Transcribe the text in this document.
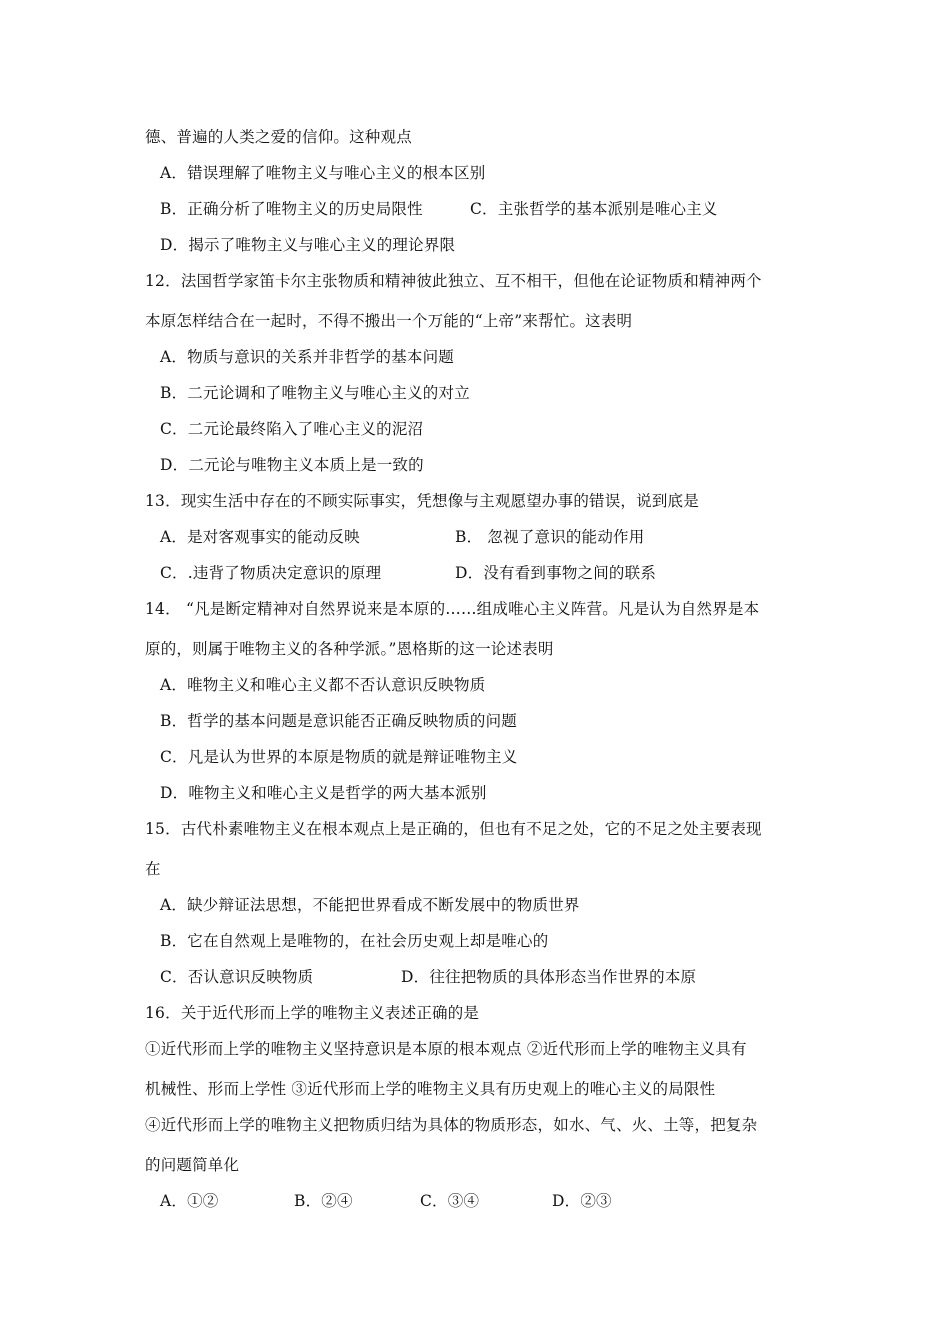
德、普遍的人类之爱的信仰。这种观点
A．错误理解了唯物主义与唯心主义的根本区别
B．正确分析了唯物主义的历史局限性	C．主张哲学的基本派别是唯心主义
D．揭示了唯物主义与唯心主义的理论界限
12．法国哲学家笛卡尔主张物质和精神彼此独立、互不相干，但他在论证物质和精神两个
本原怎样结合在一起时，不得不搬出一个万能的“上帝”来帮忙。这表明
A．物质与意识的关系并非哲学的基本问题
B．二元论调和了唯物主义与唯心主义的对立
C．二元论最终陷入了唯心主义的泥沼
D．二元论与唯物主义本质上是一致的
13．现实生活中存在的不顾实际事实，凭想像与主观愿望办事的错误，说到底是
A．是对客观事实的能动反映	B． 忽视了意识的能动作用
C．.违背了物质决定意识的原理	D．没有看到事物之间的联系
14． “凡是断定精神对自然界说来是本原的……组成唯心主义阵营。凡是认为自然界是本
原的，则属于唯物主义的各种学派。”恩格斯的这一论述表明
A．唯物主义和唯心主义都不否认意识反映物质
B．哲学的基本问题是意识能否正确反映物质的问题
C．凡是认为世界的本原是物质的就是辩证唯物主义
D．唯物主义和唯心主义是哲学的两大基本派别
15．古代朴素唯物主义在根本观点上是正确的，但也有不足之处，它的不足之处主要表现
在
A．缺少辩证法思想，不能把世界看成不断发展中的物质世界
B．它在自然观上是唯物的，在社会历史观上却是唯心的
C．否认意识反映物质	D．往往把物质的具体形态当作世界的本原
16．关于近代形而上学的唯物主义表述正确的是
①近代形而上学的唯物主义坚持意识是本原的根本观点 ②近代形而上学的唯物主义具有
机械性、形而上学性 ③近代形而上学的唯物主义具有历史观上的唯心主义的局限性
④近代形而上学的唯物主义把物质归结为具体的物质形态，如水、气、火、土等，把复杂
的问题简单化
A．①②	B．②④	C．③④	D．②③
